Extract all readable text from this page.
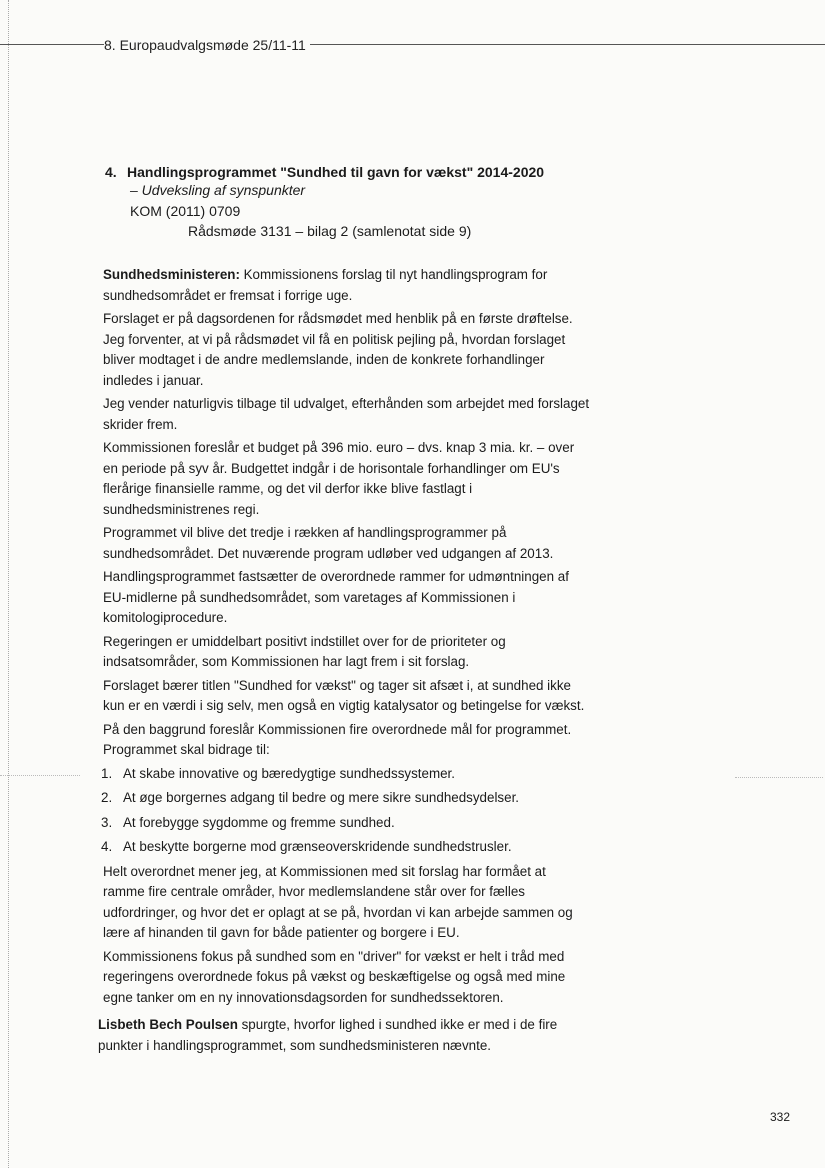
8. Europaudvalgsmøde 25/11-11
4. Handlingsprogrammet "Sundhed til gavn for vækst" 2014-2020
– Udveksling af synspunkter
KOM (2011) 0709
Rådsmøde 3131 – bilag 2 (samlenotat side 9)

Sundhedsministeren: Kommissionens forslag til nyt handlingsprogram for sundhedsområdet er fremsat i forrige uge.

Forslaget er på dagsordenen for rådsmødet med henblik på en første drøftelse. Jeg forventer, at vi på rådsmødet vil få en politisk pejling på, hvordan forslaget bliver modtaget i de andre medlemslande, inden de konkrete forhandlinger indledes i januar.

Jeg vender naturligvis tilbage til udvalget, efterhånden som arbejdet med forslaget skrider frem.

Kommissionen foreslår et budget på 396 mio. euro – dvs. knap 3 mia. kr. – over en periode på syv år. Budgettet indgår i de horisontale forhandlinger om EU's flerårige finansielle ramme, og det vil derfor ikke blive fastlagt i sundhedsministrenes regi.

Programmet vil blive det tredje i rækken af handlingsprogrammer på sundhedsområdet. Det nuværende program udløber ved udgangen af 2013.

Handlingsprogrammet fastsætter de overordnede rammer for udmøntningen af EU-midlerne på sundhedsområdet, som varetages af Kommissionen i komitologiprocedure.

Regeringen er umiddelbart positivt indstillet over for de prioriteter og indsatsområder, som Kommissionen har lagt frem i sit forslag.

Forslaget bærer titlen "Sundhed for vækst" og tager sit afsæt i, at sundhed ikke kun er en værdi i sig selv, men også en vigtig katalysator og betingelse for vækst.

På den baggrund foreslår Kommissionen fire overordnede mål for programmet. Programmet skal bidrage til:

1. At skabe innovative og bæredygtige sundhedssystemer.
2. At øge borgernes adgang til bedre og mere sikre sundhedsydelser.
3. At forebygge sygdomme og fremme sundhed.
4. At beskytte borgerne mod grænseoverskridende sundhedstrusler.

Helt overordnet mener jeg, at Kommissionen med sit forslag har formået at ramme fire centrale områder, hvor medlemslandene står over for fælles udfordringer, og hvor det er oplagt at se på, hvordan vi kan arbejde sammen og lære af hinanden til gavn for både patienter og borgere i EU.

Kommissionens fokus på sundhed som en "driver" for vækst er helt i tråd med regeringens overordnede fokus på vækst og beskæftigelse og også med mine egne tanker om en ny innovationsdagsorden for sundhedssektoren.

Lisbeth Bech Poulsen spurgte, hvorfor lighed i sundhed ikke er med i de fire punkter i handlingsprogrammet, som sundhedsministeren nævnte.
332
